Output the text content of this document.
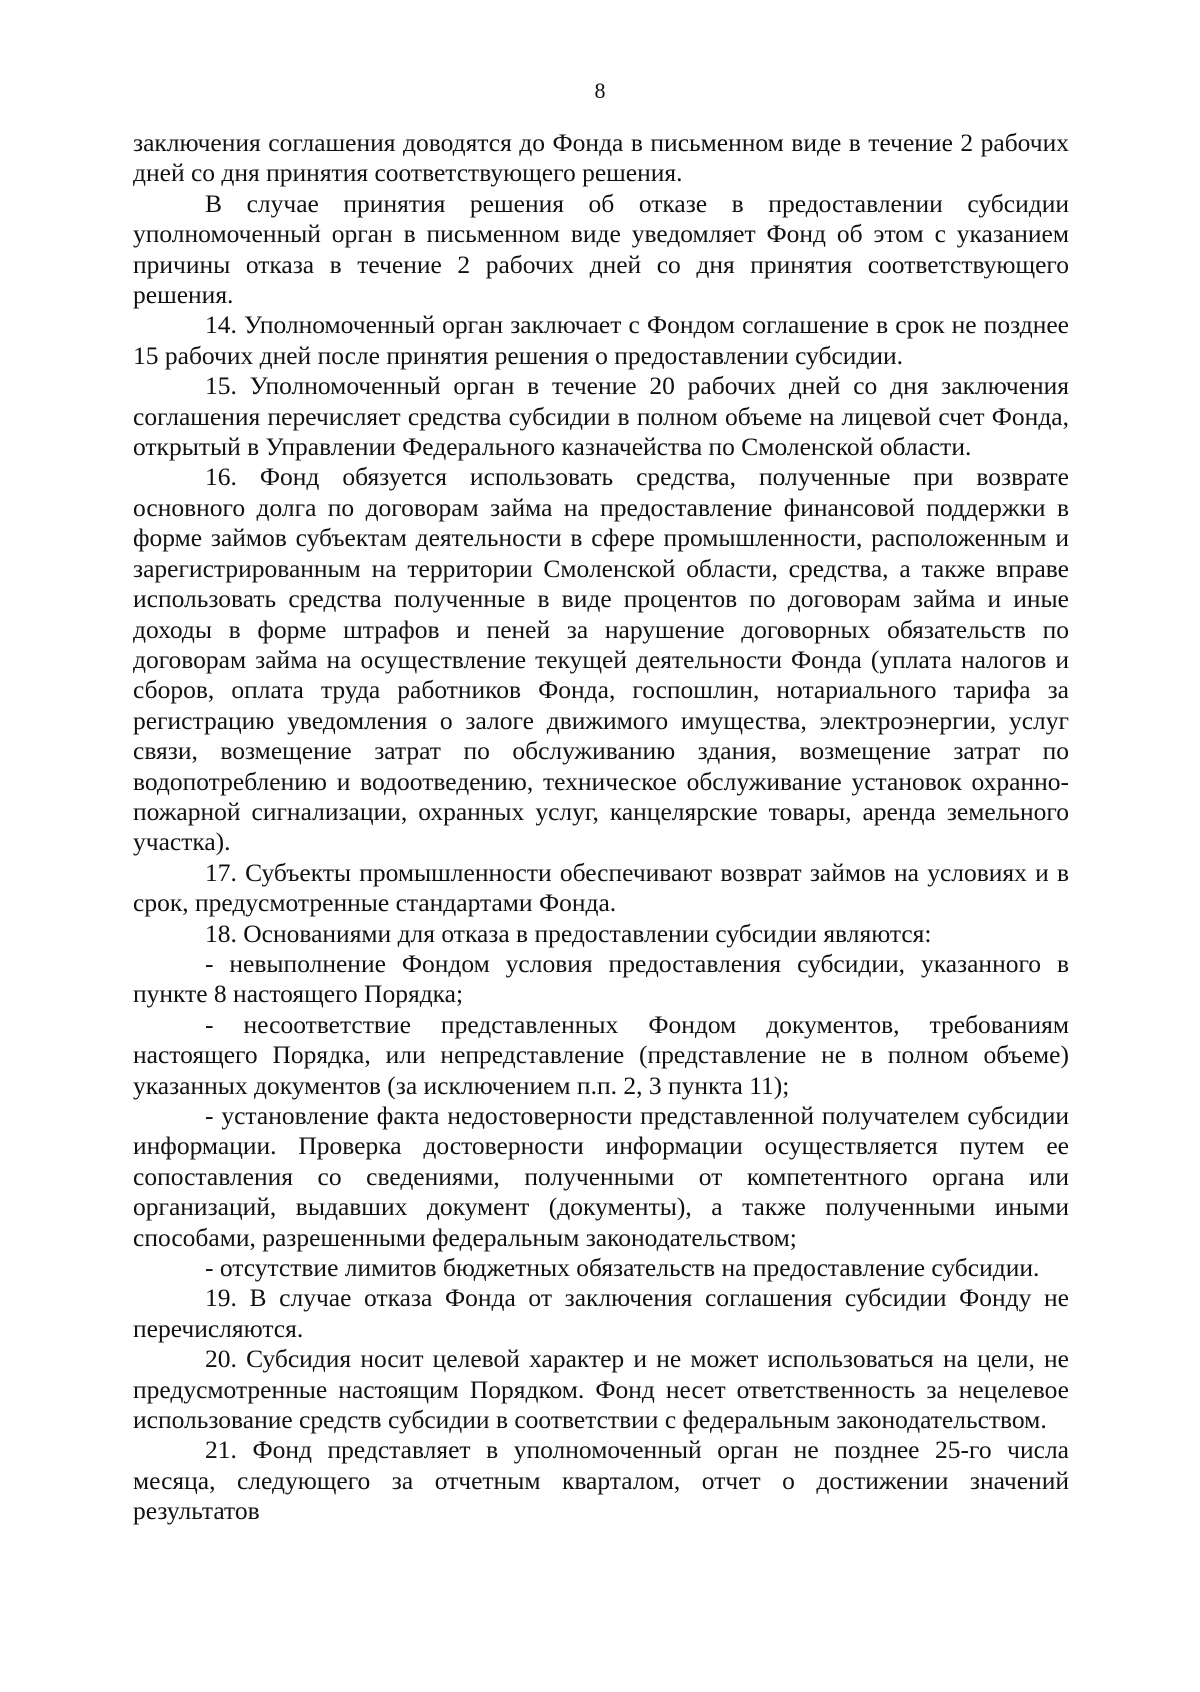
8

заключения соглашения доводятся до Фонда в письменном виде в течение 2 рабочих дней со дня принятия соответствующего решения.

В случае принятия решения об отказе в предоставлении субсидии уполномоченный орган в письменном виде уведомляет Фонд об этом с указанием причины отказа в течение 2 рабочих дней со дня принятия соответствующего решения.

14. Уполномоченный орган заключает с Фондом соглашение в срок не позднее 15 рабочих дней после принятия решения о предоставлении субсидии.

15. Уполномоченный орган в течение 20 рабочих дней со дня заключения соглашения перечисляет средства субсидии в полном объеме на лицевой счет Фонда, открытый в Управлении Федерального казначейства по Смоленской области.

16. Фонд обязуется использовать средства, полученные при возврате основного долга по договорам займа на предоставление финансовой поддержки в форме займов субъектам деятельности в сфере промышленности, расположенным и зарегистрированным на территории Смоленской области, средства, а также вправе использовать средства полученные в виде процентов по договорам займа и иные доходы в форме штрафов и пеней за нарушение договорных обязательств по договорам займа на осуществление текущей деятельности Фонда (уплата налогов и сборов, оплата труда работников Фонда, госпошлин, нотариального тарифа за регистрацию уведомления о залоге движимого имущества, электроэнергии, услуг связи, возмещение затрат по обслуживанию здания, возмещение затрат по водопотреблению и водоотведению, техническое обслуживание установок охранно-пожарной сигнализации, охранных услуг, канцелярские товары, аренда земельного участка).

17. Субъекты промышленности обеспечивают возврат займов на условиях и в срок, предусмотренные стандартами Фонда.

18. Основаниями для отказа в предоставлении субсидии являются:

- невыполнение Фондом условия предоставления субсидии, указанного в пункте 8 настоящего Порядка;

- несоответствие представленных Фондом документов, требованиям настоящего Порядка, или непредставление (представление не в полном объеме) указанных документов (за исключением п.п. 2, 3 пункта 11);

- установление факта недостоверности представленной получателем субсидии информации. Проверка достоверности информации осуществляется путем ее сопоставления со сведениями, полученными от компетентного органа или организаций, выдавших документ (документы), а также полученными иными способами, разрешенными федеральным законодательством;

- отсутствие лимитов бюджетных обязательств на предоставление субсидии.

19. В случае отказа Фонда от заключения соглашения субсидии Фонду не перечисляются.

20. Субсидия носит целевой характер и не может использоваться на цели, не предусмотренные настоящим Порядком. Фонд несет ответственность за нецелевое использование средств субсидии в соответствии с федеральным законодательством.

21. Фонд представляет в уполномоченный орган не позднее 25-го числа месяца, следующего за отчетным кварталом, отчет о достижении значений результатов
